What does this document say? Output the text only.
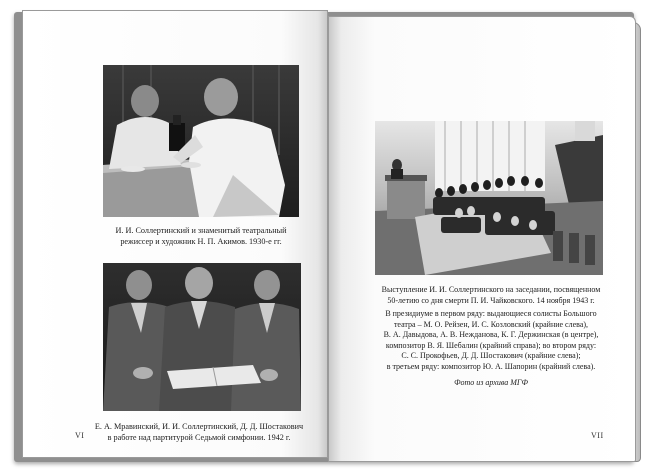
И. И. Соллертинский и знаменитый театральный

режиссер и художник Н. П. Акимов. 1930-е гг.

Е. А. Мравинский, И. И. Соллертинский, Д. Д. Шостакович

в работе над партитурой Седьмой симфонии. 1942 г.

VI

Выступление И. И. Соллертинского на заседании, посвященном

50-летию со дня смерти П. И. Чайковского. 14 ноября 1943 г.

В президиуме в первом ряду: выдающиеся солисты Большого

театра – М. О. Рейзен, И. С. Козловский (крайние слева),

В. А. Давыдова, А. В. Нежданова, К. Г. Держинская (в центре),

композитор В. Я. Шебалин (крайний справа); во втором ряду:

С. С. Прокофьев, Д. Д. Шостакович (крайние слева);

в третьем ряду: композитор Ю. А. Шапорин (крайний слева).

Фото из архива МГФ

VII
